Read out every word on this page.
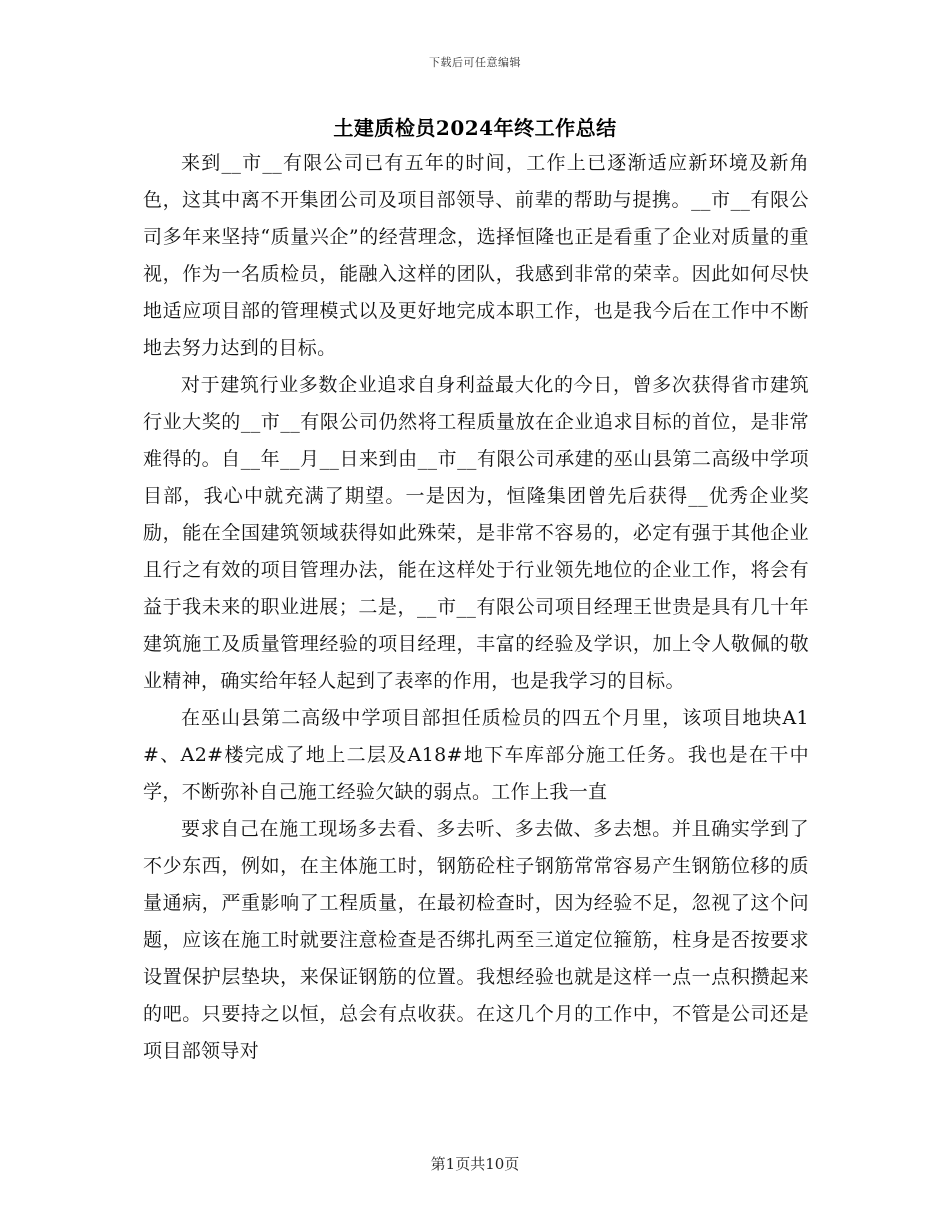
下载后可任意编辑
土建质检员2024年终工作总结

来到__市__有限公司已有五年的时间，工作上已逐渐适应新环境及新角色，这其中离不开集团公司及项目部领导、前辈的帮助与提携。__市__有限公司多年来坚持“质量兴企”的经营理念，选择恒隆也正是看重了企业对质量的重视，作为一名质检员，能融入这样的团队，我感到非常的荣幸。因此如何尽快地适应项目部的管理模式以及更好地完成本职工作，也是我今后在工作中不断地去努力达到的目标。

对于建筑行业多数企业追求自身利益最大化的今日，曾多次获得省市建筑行业大奖的__市__有限公司仍然将工程质量放在企业追求目标的首位，是非常难得的。自__年__月__日来到由__市__有限公司承建的巫山县第二高级中学项目部，我心中就充满了期望。一是因为，恒隆集团曾先后获得__优秀企业奖励，能在全国建筑领域获得如此殊荣，是非常不容易的，必定有强于其他企业且行之有效的项目管理办法，能在这样处于行业领先地位的企业工作，将会有益于我未来的职业进展；二是，__市__有限公司项目经理王世贵是具有几十年建筑施工及质量管理经验的项目经理，丰富的经验及学识，加上令人敬佩的敬业精神，确实给年轻人起到了表率的作用，也是我学习的目标。

在巫山县第二高级中学项目部担任质检员的四五个月里，该项目地块A1#、A2#楼完成了地上二层及A18#地下车库部分施工任务。我也是在干中学，不断弥补自己施工经验欠缺的弱点。工作上我一直

要求自己在施工现场多去看、多去听、多去做、多去想。并且确实学到了不少东西，例如，在主体施工时，钢筋砼柱子钢筋常常容易产生钢筋位移的质量通病，严重影响了工程质量，在最初检查时，因为经验不足，忽视了这个问题，应该在施工时就要注意检查是否绑扎两至三道定位箍筋，柱身是否按要求设置保护层垫块，来保证钢筋的位置。我想经验也就是这样一点一点积攒起来的吧。只要持之以恒，总会有点收获。在这几个月的工作中，不管是公司还是项目部领导对

第1页共10页
